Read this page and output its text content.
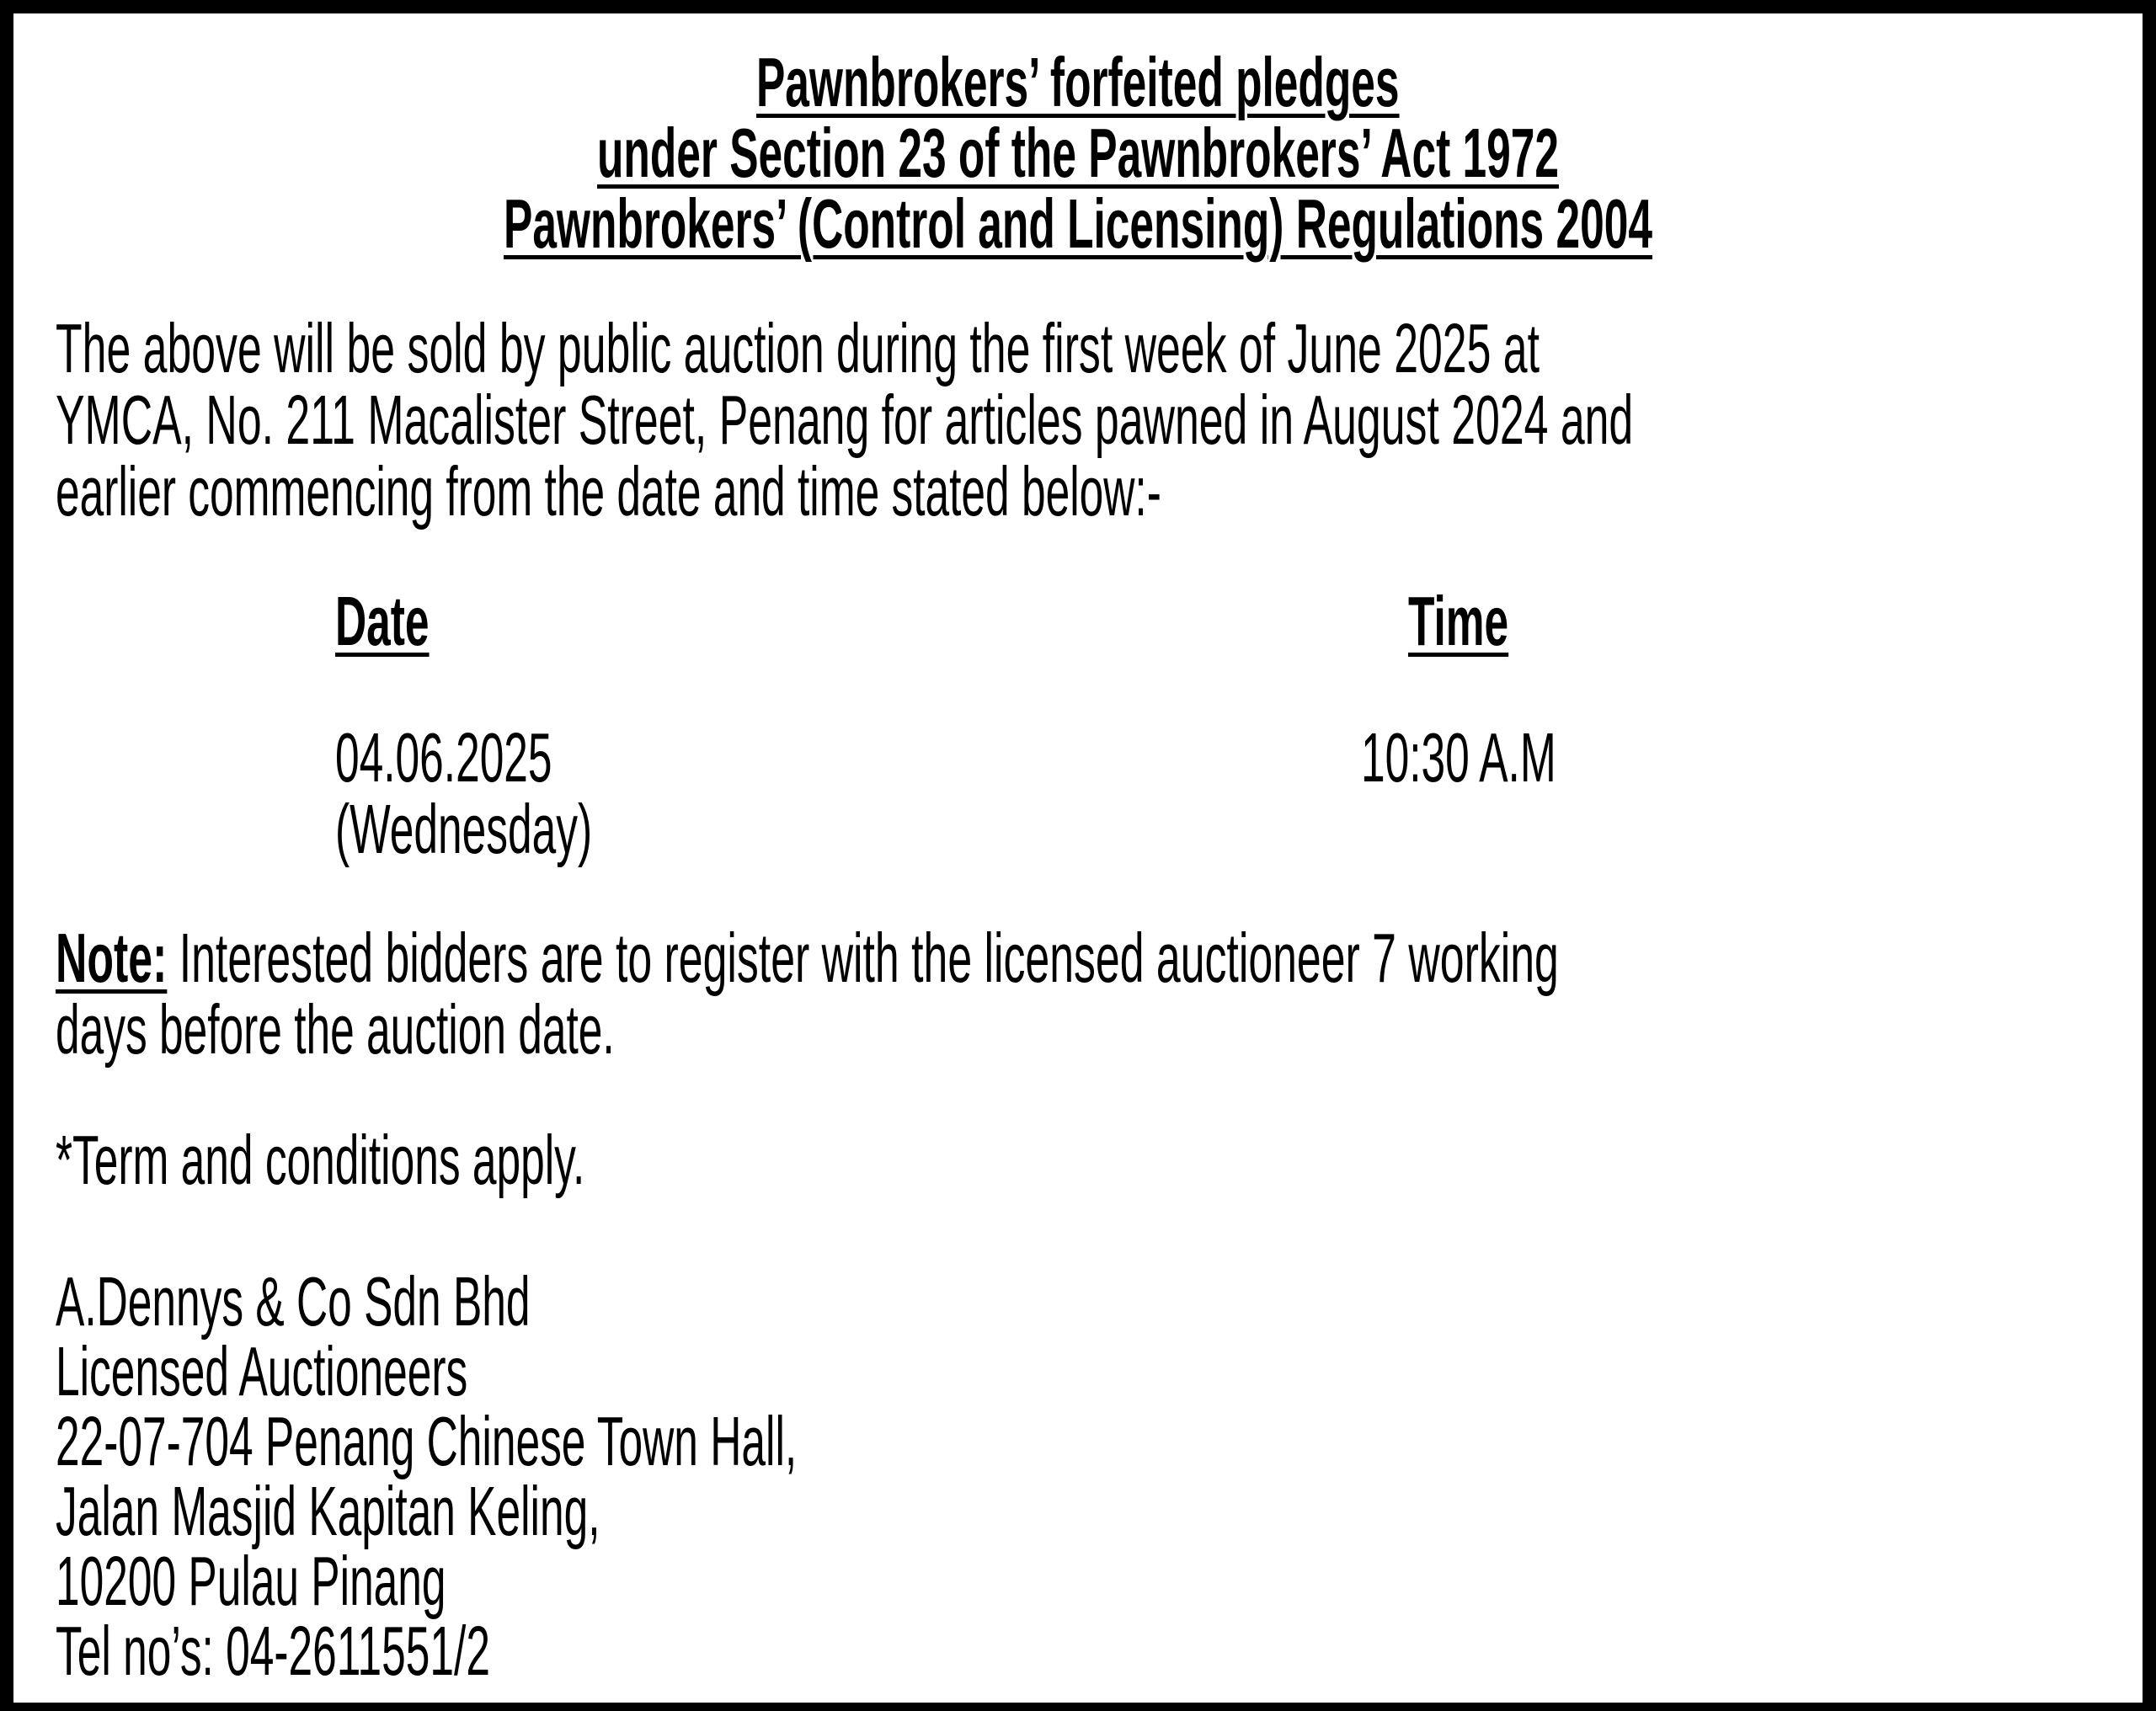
Pawnbrokers’ forfeited pledges
under Section 23 of the Pawnbrokers’ Act 1972
Pawnbrokers’ (Control and Licensing) Regulations 2004
The above will be sold by public auction during the first week of June 2025 at
YMCA, No. 211 Macalister Street, Penang for articles pawned in August 2024 and
earlier commencing from the date and time stated below:-
Date	Time
04.06.2025
(Wednesday)
10:30 A.M
Note: Interested bidders are to register with the licensed auctioneer 7 working
days before the auction date.
*Term and conditions apply.
A.Dennys & Co Sdn Bhd
Licensed Auctioneers
22-07-704 Penang Chinese Town Hall,
Jalan Masjid Kapitan Keling,
10200 Pulau Pinang
Tel no’s: 04-2611551/2
